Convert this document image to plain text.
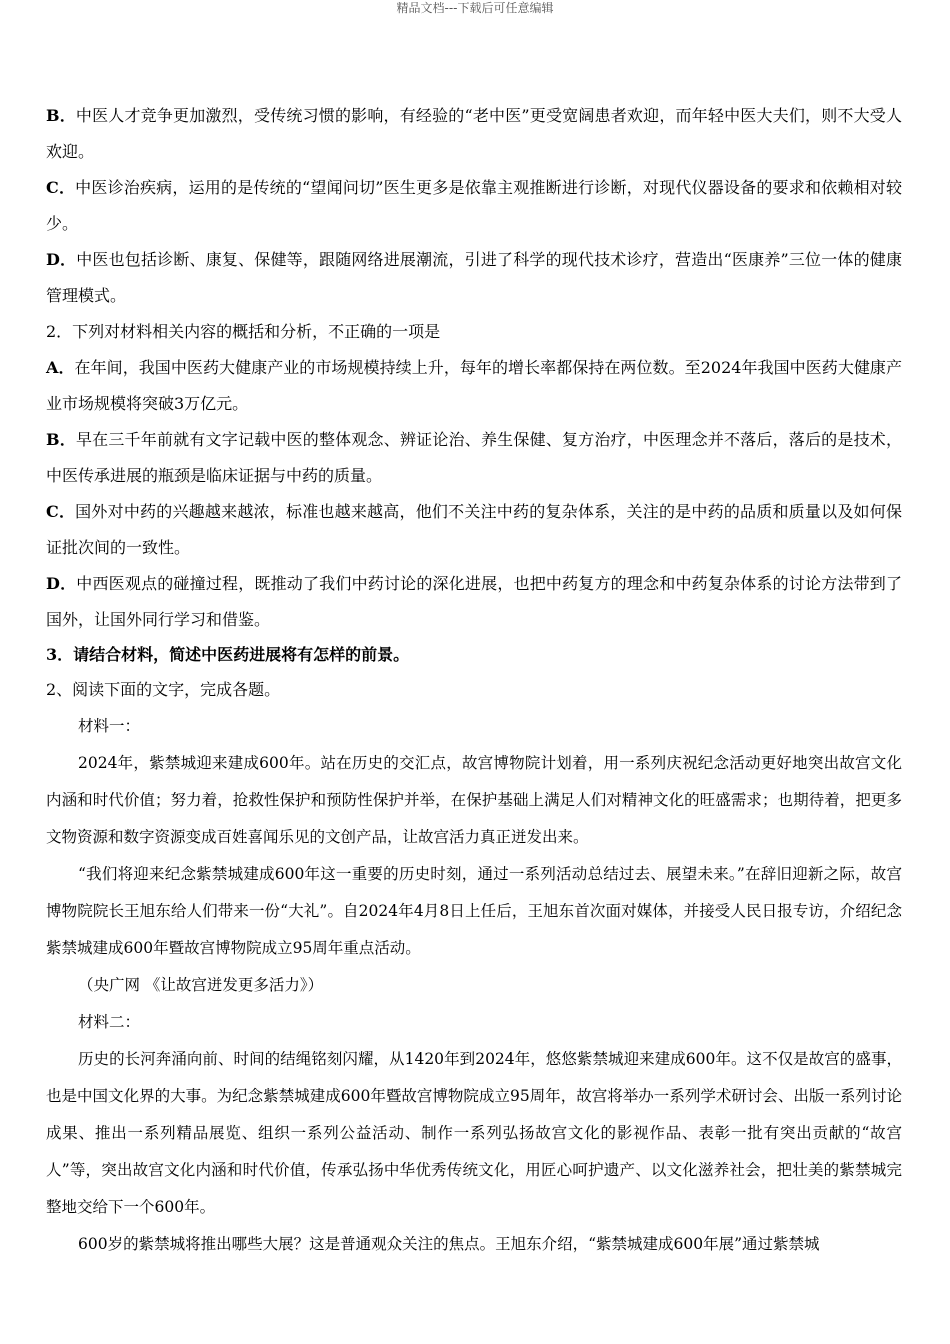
精品文档---下载后可任意编辑

B．中医人才竞争更加激烈，受传统习惯的影响，有经验的“老中医”更受宽阔患者欢迎，而年轻中医大夫们，则不大受人欢迎。

C．中医诊治疾病，运用的是传统的“望闻问切”医生更多是依靠主观推断进行诊断，对现代仪器设备的要求和依赖相对较少。

D．中医也包括诊断、康复、保健等，跟随网络进展潮流，引进了科学的现代技术诊疗，营造出“医康养”三位一体的健康管理模式。

2．下列对材料相关内容的概括和分析，不正确的一项是

A．在年间，我国中医药大健康产业的市场规模持续上升，每年的增长率都保持在两位数。至2024年我国中医药大健康产业市场规模将突破3万亿元。

B．早在三千年前就有文字记载中医的整体观念、辨证论治、养生保健、复方治疗，中医理念并不落后，落后的是技术，中医传承进展的瓶颈是临床证据与中药的质量。

C．国外对中药的兴趣越来越浓，标准也越来越高，他们不关注中药的复杂体系，关注的是中药的品质和质量以及如何保证批次间的一致性。

D．中西医观点的碰撞过程，既推动了我们中药讨论的深化进展，也把中药复方的理念和中药复杂体系的讨论方法带到了国外，让国外同行学习和借鉴。

3．请结合材料，简述中医药进展将有怎样的前景。

2、阅读下面的文字，完成各题。

材料一：

2024年，紫禁城迎来建成600年。站在历史的交汇点，故宫博物院计划着，用一系列庆祝纪念活动更好地突出故宫文化内涵和时代价值；努力着，抢救性保护和预防性保护并举，在保护基础上满足人们对精神文化的旺盛需求；也期待着，把更多文物资源和数字资源变成百姓喜闻乐见的文创产品，让故宫活力真正迸发出来。

“我们将迎来纪念紫禁城建成600年这一重要的历史时刻，通过一系列活动总结过去、展望未来。”在辞旧迎新之际，故宫博物院院长王旭东给人们带来一份“大礼”。自2024年4月8日上任后，王旭东首次面对媒体，并接受人民日报专访，介绍纪念紫禁城建成600年暨故宫博物院成立95周年重点活动。

（央广网 《让故宫迸发更多活力》）

材料二：

历史的长河奔涌向前、时间的结绳铭刻闪耀，从1420年到2024年，悠悠紫禁城迎来建成600年。这不仅是故宫的盛事，也是中国文化界的大事。为纪念紫禁城建成600年暨故宫博物院成立95周年，故宫将举办一系列学术研讨会、出版一系列讨论成果、推出一系列精品展览、组织一系列公益活动、制作一系列弘扬故宫文化的影视作品、表彰一批有突出贡献的“故宫人”等，突出故宫文化内涵和时代价值，传承弘扬中华优秀传统文化，用匠心呵护遗产、以文化滋养社会，把壮美的紫禁城完整地交给下一个600年。

600岁的紫禁城将推出哪些大展？这是普通观众关注的焦点。王旭东介绍，“紫禁城建成600年展”通过紫禁城
